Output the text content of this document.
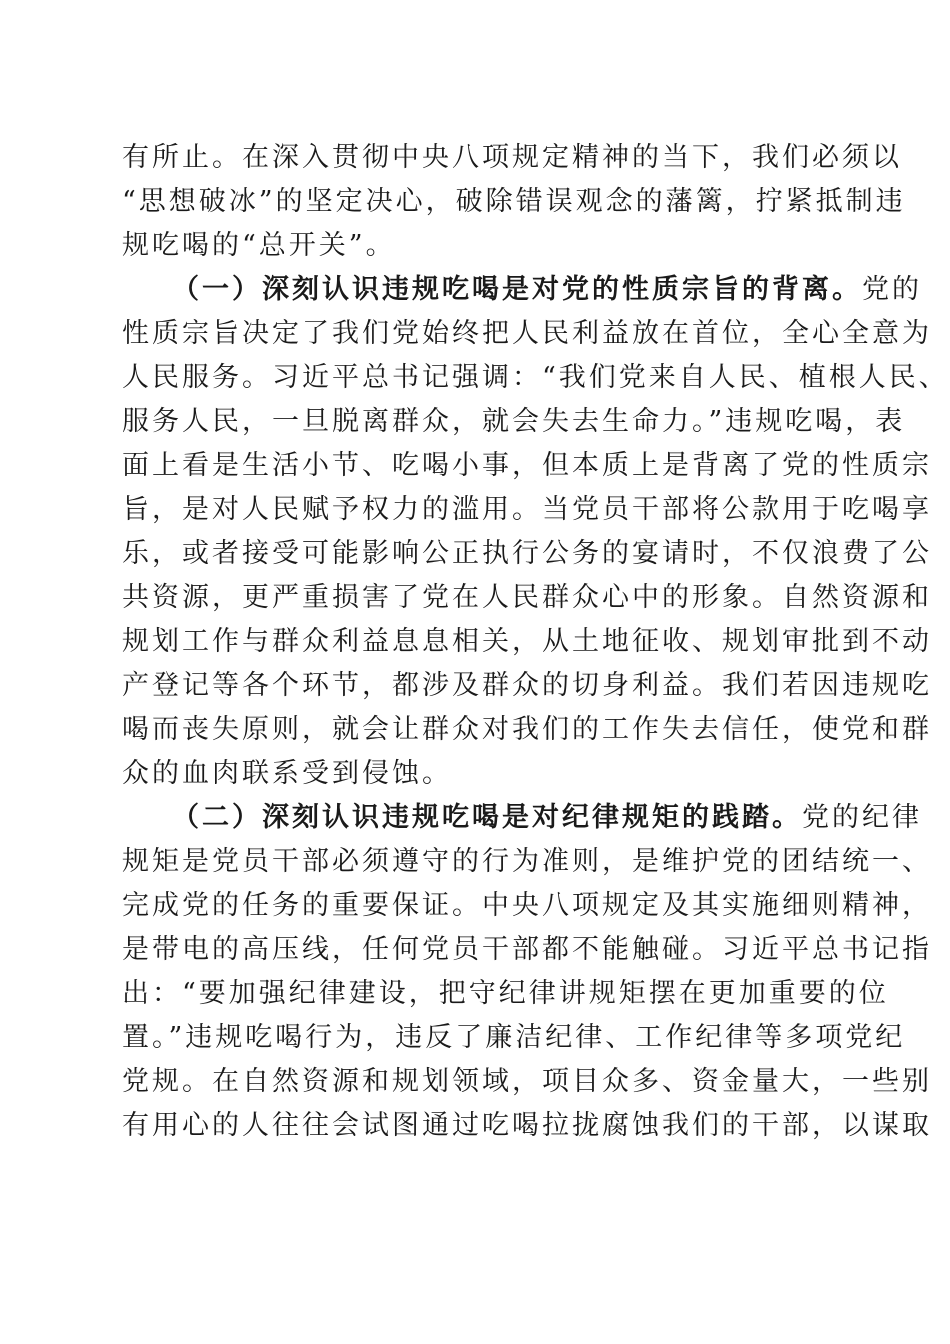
有所止。在深入贯彻中央八项规定精神的当下，我们必须以
“思想破冰”的坚定决心，破除错误观念的藩篱，拧紧抵制违
规吃喝的“总开关”。
（一）深刻认识违规吃喝是对党的性质宗旨的背离。党的
性质宗旨决定了我们党始终把人民利益放在首位，全心全意为
人民服务。习近平总书记强调：“我们党来自人民、植根人民、
服务人民，一旦脱离群众，就会失去生命力。”违规吃喝，表
面上看是生活小节、吃喝小事，但本质上是背离了党的性质宗
旨，是对人民赋予权力的滥用。当党员干部将公款用于吃喝享
乐，或者接受可能影响公正执行公务的宴请时，不仅浪费了公
共资源，更严重损害了党在人民群众心中的形象。自然资源和
规划工作与群众利益息息相关，从土地征收、规划审批到不动
产登记等各个环节，都涉及群众的切身利益。我们若因违规吃
喝而丧失原则，就会让群众对我们的工作失去信任，使党和群
众的血肉联系受到侵蚀。
（二）深刻认识违规吃喝是对纪律规矩的践踏。党的纪律
规矩是党员干部必须遵守的行为准则，是维护党的团结统一、
完成党的任务的重要保证。中央八项规定及其实施细则精神，
是带电的高压线，任何党员干部都不能触碰。习近平总书记指
出：“要加强纪律建设，把守纪律讲规矩摆在更加重要的位
置。”违规吃喝行为，违反了廉洁纪律、工作纪律等多项党纪
党规。在自然资源和规划领域，项目众多、资金量大，一些别
有用心的人往往会试图通过吃喝拉拢腐蚀我们的干部，以谋取
